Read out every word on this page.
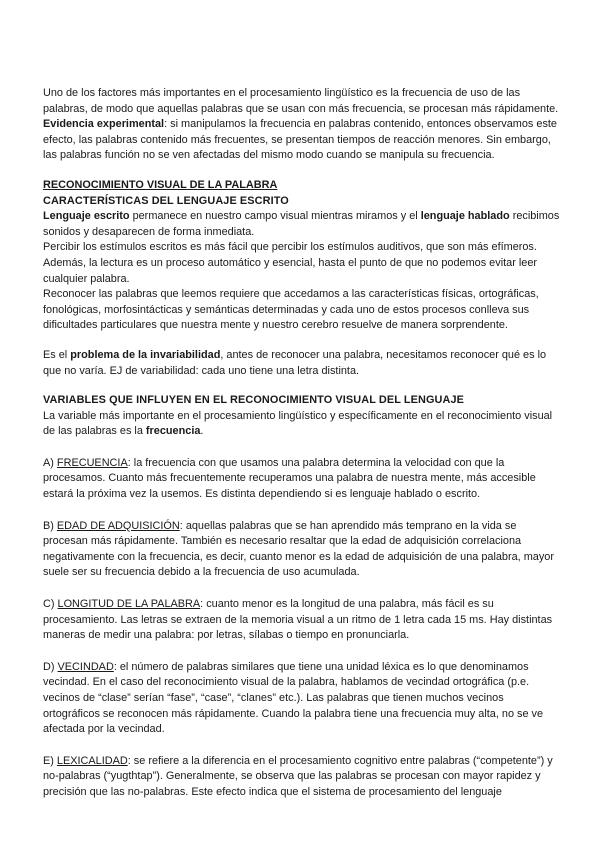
Uno de los factores más importantes en el procesamiento lingüístico es la frecuencia de uso de las palabras, de modo que aquellas palabras que se usan con más frecuencia, se procesan más rápidamente.

Evidencia experimental: si manipulamos la frecuencia en palabras contenido, entonces observamos este efecto, las palabras contenido más frecuentes, se presentan tiempos de reacción menores. Sin embargo, las palabras función no se ven afectadas del mismo modo cuando se manipula su frecuencia.

RECONOCIMIENTO VISUAL DE LA PALABRA

CARACTERÍSTICAS DEL LENGUAJE ESCRITO

Lenguaje escrito permanece en nuestro campo visual mientras miramos y el lenguaje hablado recibimos sonidos y desaparecen de forma inmediata.

Percibir los estímulos escritos es más fácil que percibir los estímulos auditivos, que son más efímeros. Además, la lectura es un proceso automático y esencial, hasta el punto de que no podemos evitar leer cualquier palabra.

Reconocer las palabras que leemos requiere que accedamos a las características físicas, ortográficas, fonológicas, morfosintácticas y semánticas determinadas y cada uno de estos procesos conlleva sus dificultades particulares que nuestra mente y nuestro cerebro resuelve de manera sorprendente.

Es el problema de la invariabilidad, antes de reconocer una palabra, necesitamos reconocer qué es lo que no varía. EJ de variabilidad: cada uno tiene una letra distinta.

VARIABLES QUE INFLUYEN EN EL RECONOCIMIENTO VISUAL DEL LENGUAJE

La variable más importante en el procesamiento lingüístico y específicamente en el reconocimiento visual de las palabras es la frecuencia.

A) FRECUENCIA: la frecuencia con que usamos una palabra determina la velocidad con que la procesamos. Cuanto más frecuentemente recuperamos una palabra de nuestra mente, más accesible estará la próxima vez la usemos. Es distinta dependiendo si es lenguaje hablado o escrito.

B) EDAD DE ADQUISICIÓN: aquellas palabras que se han aprendido más temprano en la vida se procesan más rápidamente. También es necesario resaltar que la edad de adquisición correlaciona negativamente con la frecuencia, es decir, cuanto menor es la edad de adquisición de una palabra, mayor suele ser su frecuencia debido a la frecuencia de uso acumulada.

C) LONGITUD DE LA PALABRA: cuanto menor es la longitud de una palabra, más fácil es su procesamiento. Las letras se extraen de la memoria visual a un ritmo de 1 letra cada 15 ms. Hay distintas maneras de medir una palabra: por letras, sílabas o tiempo en pronunciarla.

D) VECINDAD: el número de palabras similares que tiene una unidad léxica es lo que denominamos vecindad. En el caso del reconocimiento visual de la palabra, hablamos de vecindad ortográfica (p.e. vecinos de “clase” serían “fase”, “case”, “clanes” etc.). Las palabras que tienen muchos vecinos ortográficos se reconocen más rápidamente. Cuando la palabra tiene una frecuencia muy alta, no se ve afectada por la vecindad.

E) LEXICALIDAD: se refiere a la diferencia en el procesamiento cognitivo entre palabras (“competente”) y no-palabras (“yugthtap”). Generalmente, se observa que las palabras se procesan con mayor rapidez y precisión que las no-palabras. Este efecto indica que el sistema de procesamiento del lenguaje
